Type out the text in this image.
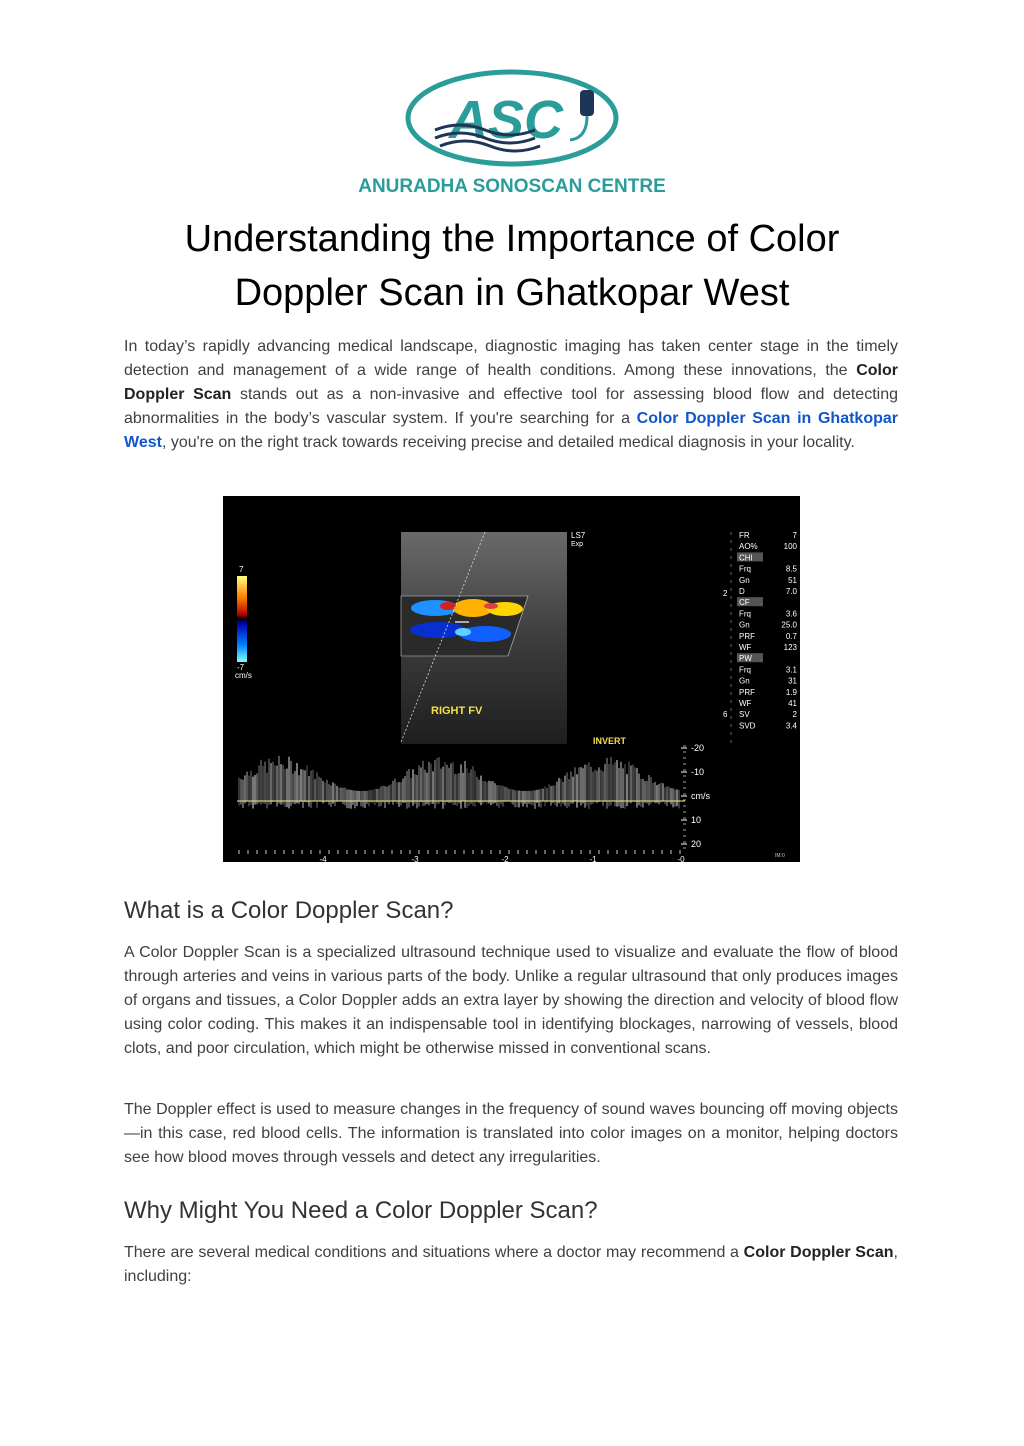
ASC
ANURADHA SONOSCAN CENTRE
Understanding the Importance of Color
Doppler Scan in Ghatkopar West

In today’s rapidly advancing medical landscape, diagnostic imaging has taken center stage in the timely detection and management of a wide range of health conditions. Among these innovations, the Color Doppler Scan stands out as a non-invasive and effective tool for assessing blood flow and detecting abnormalities in the body’s vascular system. If you're searching for a Color Doppler Scan in Ghatkopar West, you're on the right track towards receiving precise and detailed medical diagnosis in your locality.

7
-7
cm/s
LS7
Exp
RIGHT FV
INVERT
2
6
FR	7
AO%	100
CHI
Frq	8.5
Gn	51
D	7.0
CF
Frq	3.6
Gn	25.0
PRF	0.7
WF	123
PW
Frq	3.1
Gn	31
PRF	1.9
WF	41
SV	2
SVD	3.4
-20
-10
cm/s
10
20
-4	-3	-2	-1	-0	IM:0
What is a Color Doppler Scan?

A Color Doppler Scan is a specialized ultrasound technique used to visualize and evaluate the flow of blood through arteries and veins in various parts of the body. Unlike a regular ultrasound that only produces images of organs and tissues, a Color Doppler adds an extra layer by showing the direction and velocity of blood flow using color coding. This makes it an indispensable tool in identifying blockages, narrowing of vessels, blood clots, and poor circulation, which might be otherwise missed in conventional scans.

The Doppler effect is used to measure changes in the frequency of sound waves bouncing off moving objects—in this case, red blood cells. The information is translated into color images on a monitor, helping doctors see how blood moves through vessels and detect any irregularities.

Why Might You Need a Color Doppler Scan?

There are several medical conditions and situations where a doctor may recommend a Color Doppler Scan, including:
